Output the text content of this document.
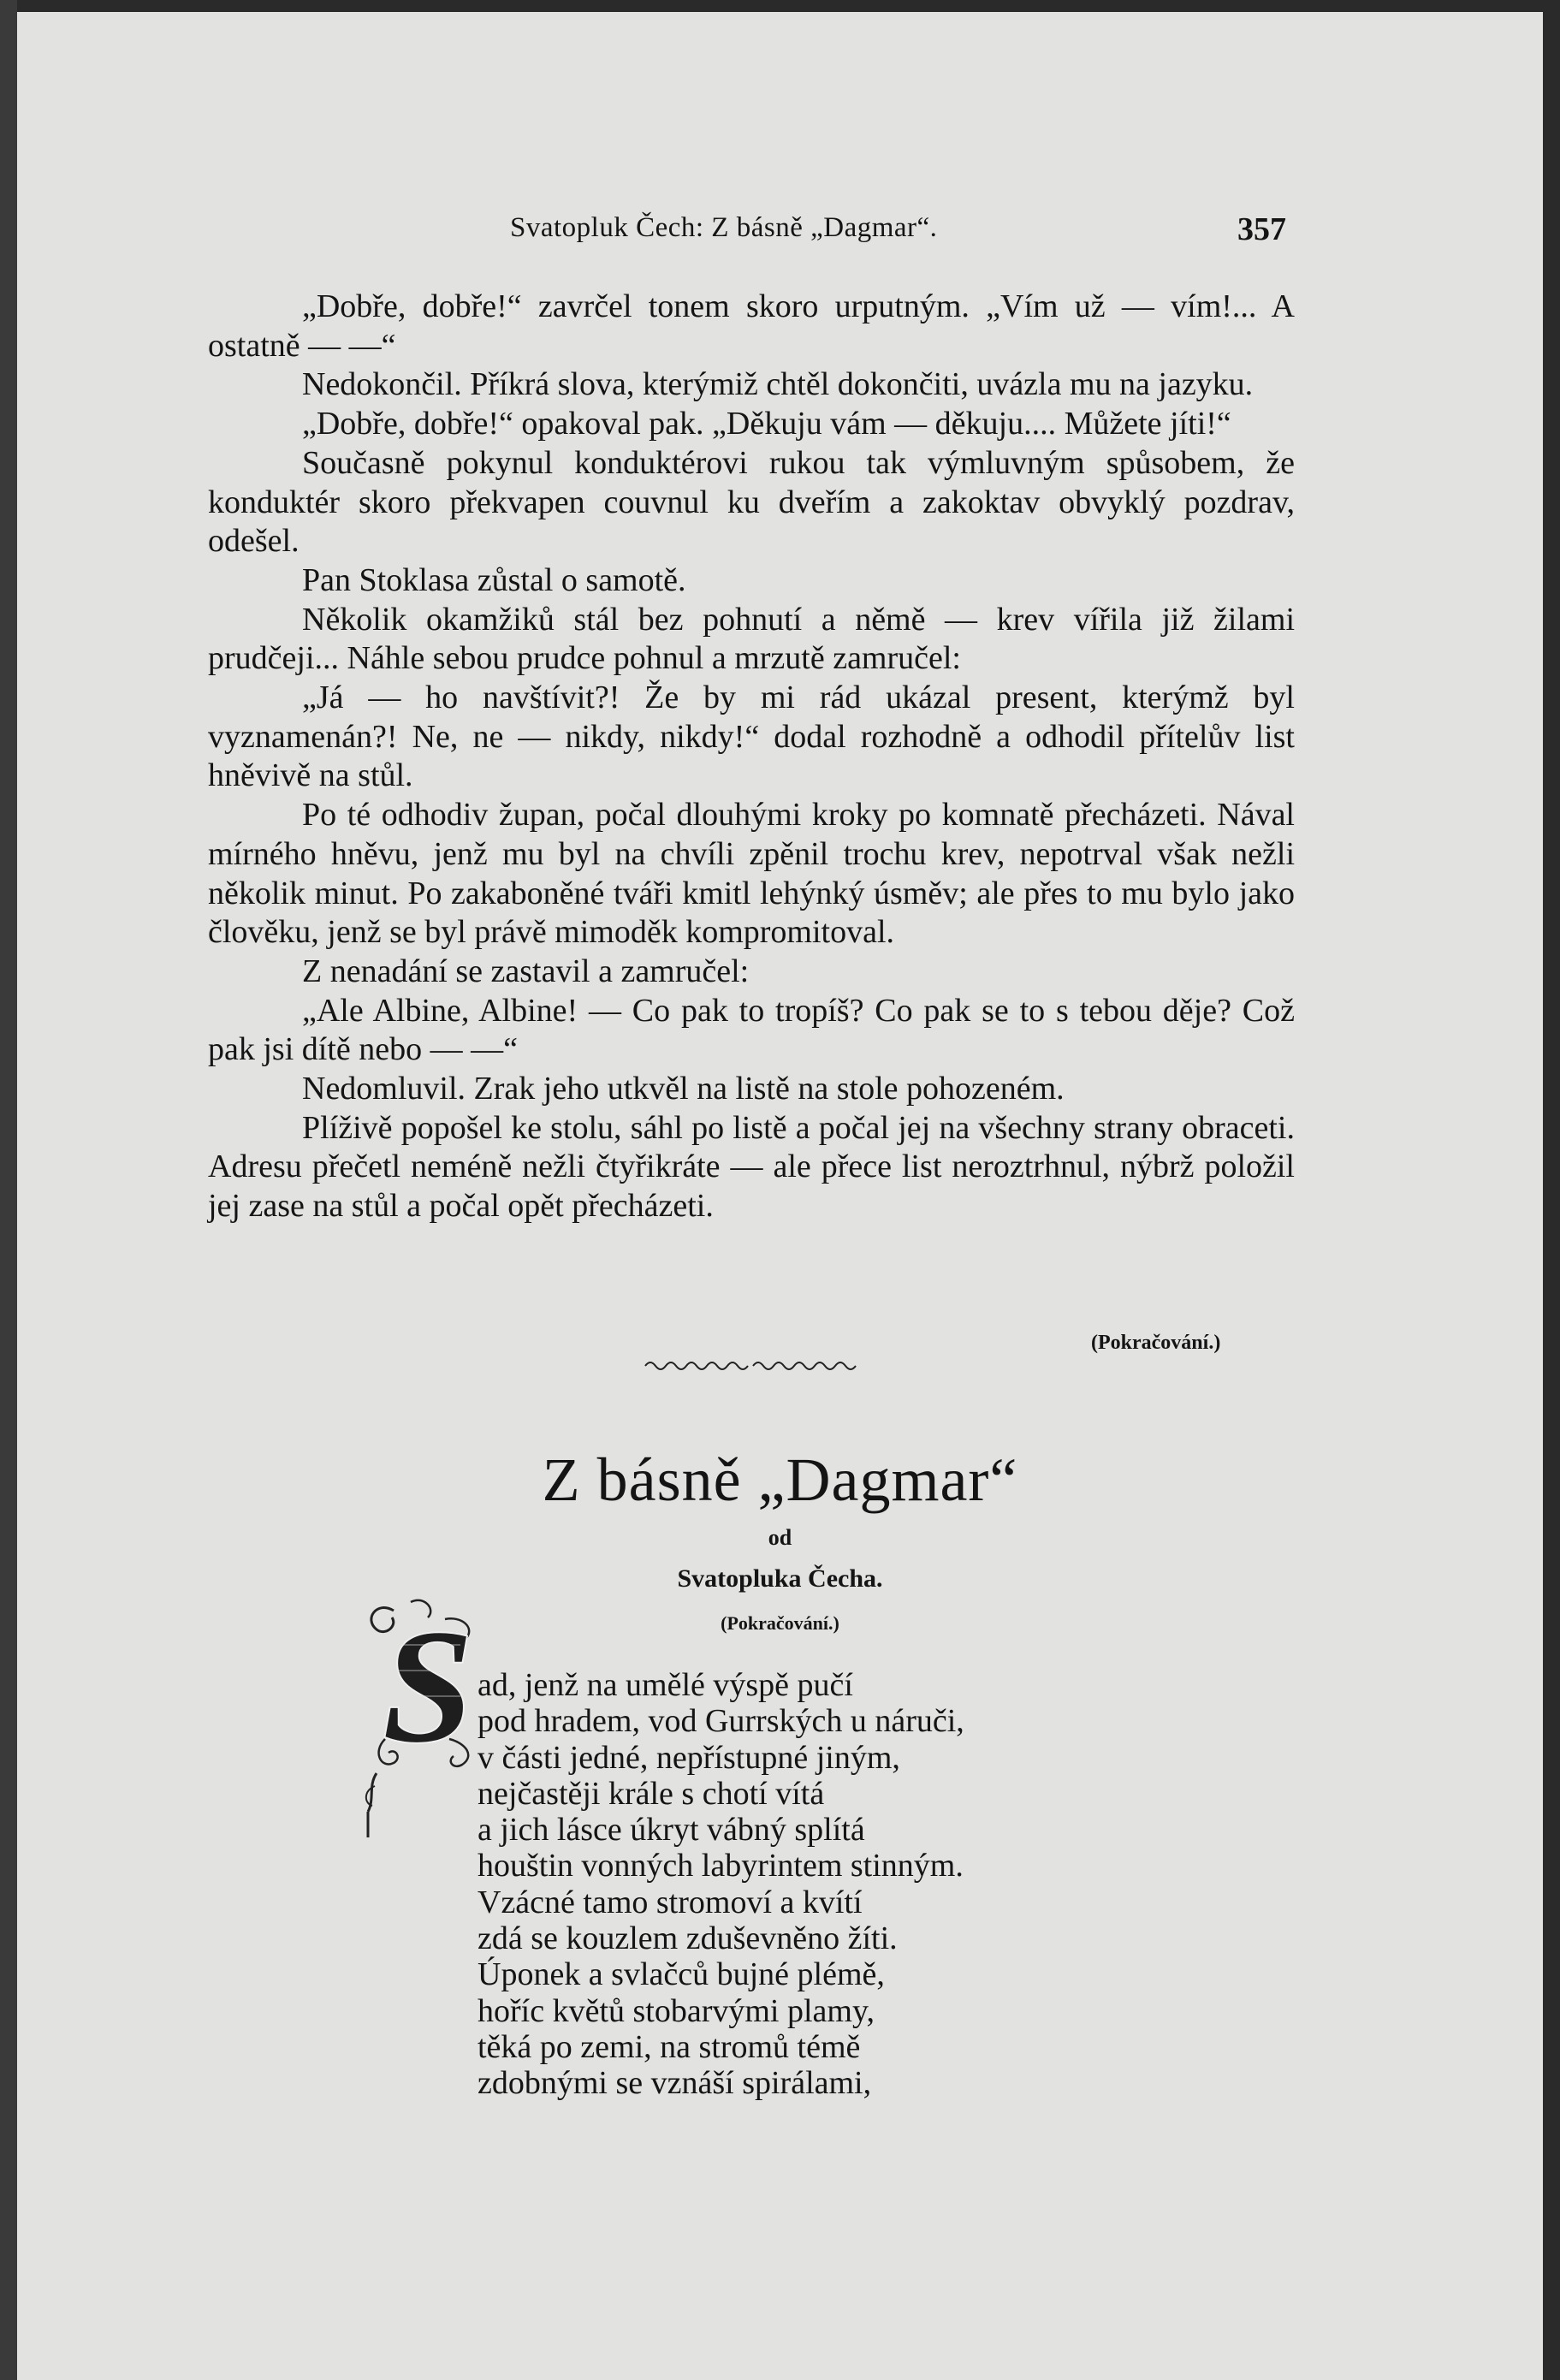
Svatopluk Čech: Z básně „Dagmar“.	357

„Dobře, dobře!“ zavrčel tonem skoro urputným. „Vím už — vím!... A ostatně — —“

Nedokončil. Příkrá slova, kterýmiž chtěl dokončiti, uvázla mu na jazyku.

„Dobře, dobře!“ opakoval pak. „Děkuju vám — děkuju.... Můžete jíti!“

Současně pokynul konduktérovi rukou tak výmluvným spůsobem, že konduktér skoro překvapen couvnul ku dveřím a zakoktav obvyklý pozdrav, odešel.

Pan Stoklasa zůstal o samotě.

Několik okamžiků stál bez pohnutí a němě — krev vířila již žilami prudčeji... Náhle sebou prudce pohnul a mrzutě zamručel:

„Já — ho navštívit?! Že by mi rád ukázal present, kterýmž byl vyznamenán?! Ne, ne — nikdy, nikdy!“ dodal rozhodně a odhodil přítelův list hněvivě na stůl.

Po té odhodiv župan, počal dlouhými kroky po komnatě přecházeti. Nával mírného hněvu, jenž mu byl na chvíli zpěnil trochu krev, nepotrval však nežli několik minut. Po zakaboněné tváři kmitl lehýnký úsměv; ale přes to mu bylo jako člověku, jenž se byl právě mimoděk kompromitoval.

Z nenadání se zastavil a zamručel:

„Ale Albine, Albine! — Co pak to tropíš? Co pak se to s tebou děje? Což pak jsi dítě nebo — —“

Nedomluvil. Zrak jeho utkvěl na listě na stole pohozeném.

Plíživě popošel ke stolu, sáhl po listě a počal jej na všechny strany obraceti. Adresu přečetl neméně nežli čtyřikráte — ale přece list neroztrhnul, nýbrž položil jej zase na stůl a počal opět přecházeti.

(Pokračování.)
Z básně „Dagmar“
od
Svatopluka Čecha.
(Pokračování.)
S ad, jenž na umělé výspě pučí
pod hradem, vod Gurrských u náruči,
v části jedné, nepřístupné jiným,
nejčastěji krále s chotí vítá
a jich lásce úkryt vábný splítá
houštin vonných labyrintem stinným.
Vzácné tamo stromoví a kvítí
zdá se kouzlem zduševněno žíti.
Úponek a svlačců bujné plémě,
hoříc květů stobarvými plamy,
těká po zemi, na stromů témě
zdobnými se vznáší spirálami,
